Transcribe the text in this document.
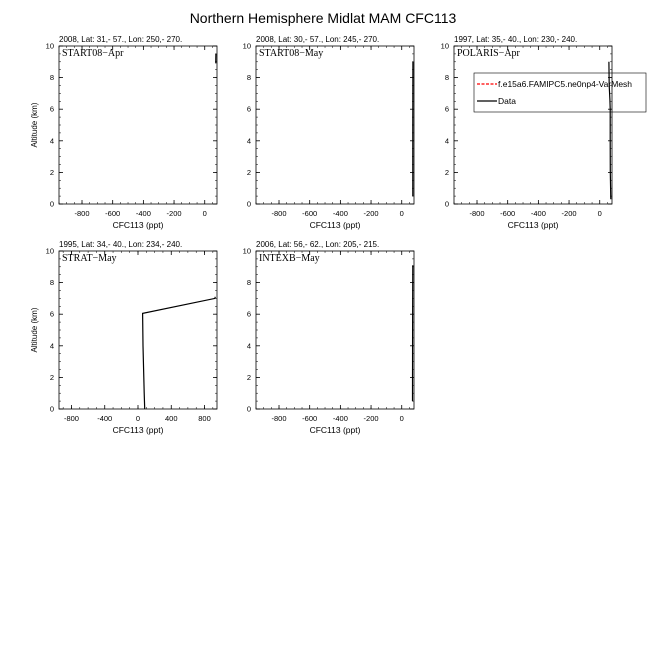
Northern Hemisphere Midlat MAM CFC113
2008, Lat: 31,- 57., Lon: 250,- 270.
START08−Apr
-800 -600 -400 -200	0
0
2
4
6
8
10
CFC113 (ppt)
Altitude (km)
2008, Lat: 30,- 57., Lon: 245,- 270.
START08−May
-800 -600 -400 -200	0
0
2
4
6
8
10
CFC113 (ppt)
1997, Lat: 35,- 40., Lon: 230,- 240.
POLARIS−Apr
-800 -600 -400 -200	0
0
2
4
6
8
10
CFC113 (ppt)
f.e15a6.FAMIPC5.ne0np4-VarMesh
Data
1995, Lat: 34,- 40., Lon: 234,- 240.
STRAT−May
-800 -400	0	400	800
0
2
4
6
8
10
CFC113 (ppt)
Altitude (km)
2006, Lat: 56,- 62., Lon: 205,- 215.
INTEXB−May
-800 -600 -400 -200	0
0
2
4
6
8
10
CFC113 (ppt)
